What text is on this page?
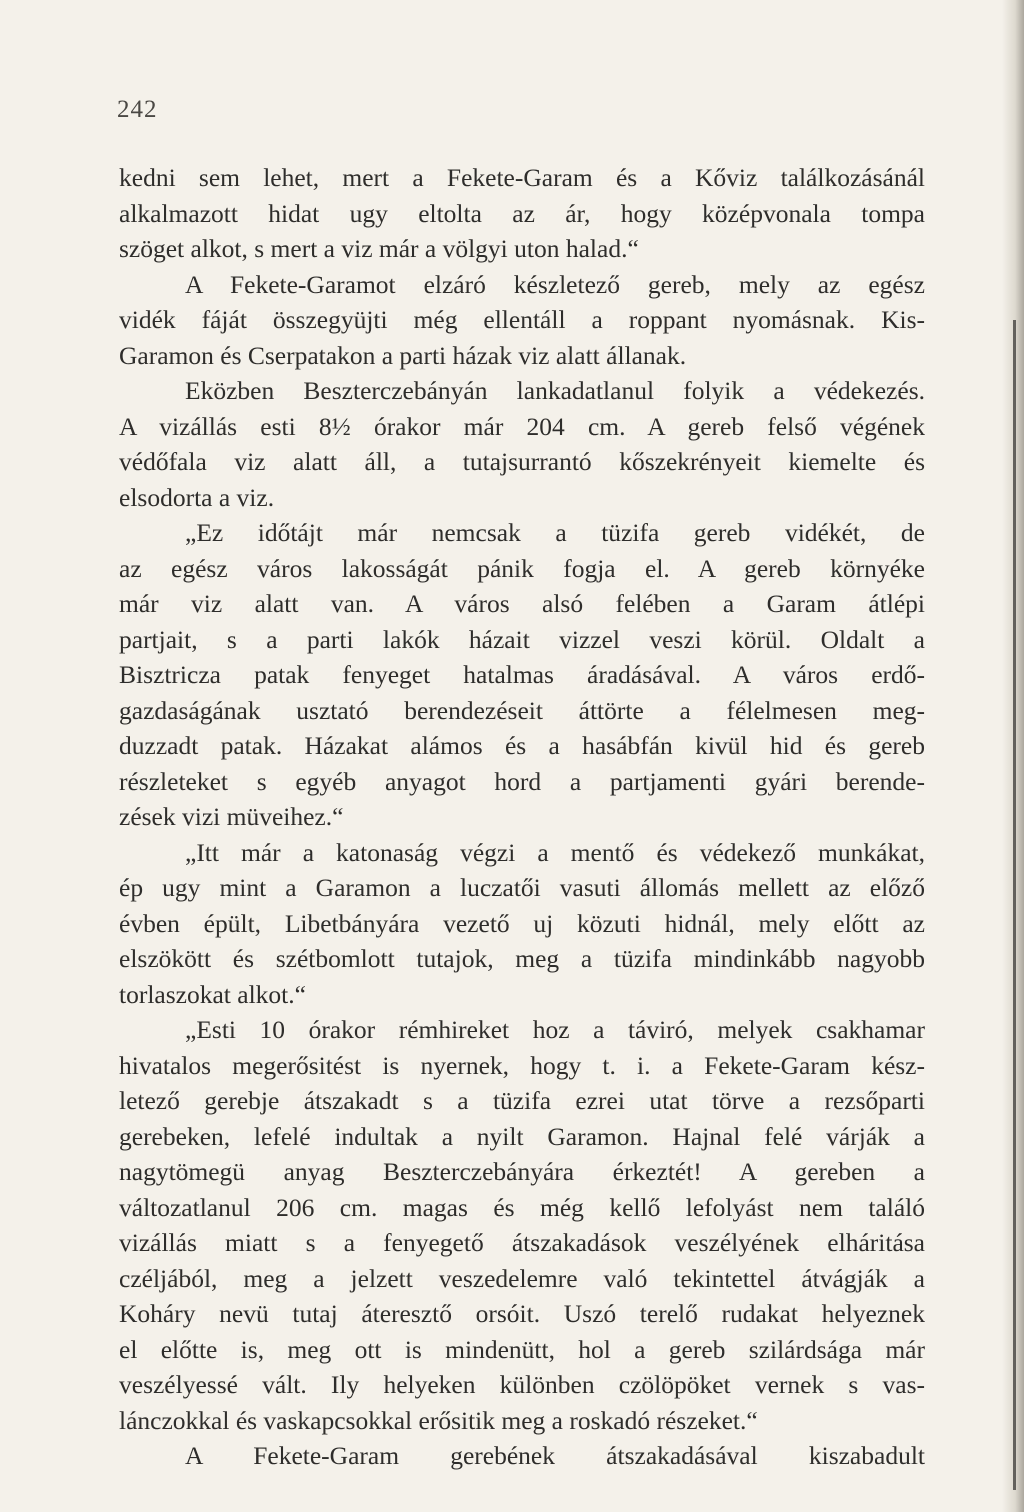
242
kedni sem lehet, mert a Fekete-Garam és a Kőviz találkozásánál
alkalmazott hidat ugy eltolta az ár, hogy középvonala tompa
szöget alkot, s mert a viz már a völgyi uton halad.“
A Fekete-Garamot elzáró készletező gereb, mely az egész
vidék fáját összegyüjti még ellentáll a roppant nyomásnak. Kis-
Garamon és Cserpatakon a parti házak viz alatt állanak.
Eközben Beszterczebányán lankadatlanul folyik a védekezés.
A vizállás esti 8½ órakor már 204 cm. A gereb felső végének
védőfala viz alatt áll, a tutajsurrantó kőszekrényeit kiemelte és
elsodorta a viz.
„Ez időtájt már nemcsak a tüzifa gereb vidékét, de
az egész város lakosságát pánik fogja el. A gereb környéke
már viz alatt van. A város alsó felében a Garam átlépi
partjait, s a parti lakók házait vizzel veszi körül. Oldalt a
Bisztricza patak fenyeget hatalmas áradásával. A város erdő-
gazdaságának usztató berendezéseit áttörte a félelmesen meg-
duzzadt patak. Házakat alámos és a hasábfán kivül hid és gereb
részleteket s egyéb anyagot hord a partjamenti gyári berende-
zések vizi müveihez.“
„Itt már a katonaság végzi a mentő és védekező munkákat,
ép ugy mint a Garamon a luczatői vasuti állomás mellett az előző
évben épült, Libetbányára vezető uj közuti hidnál, mely előtt az
elszökött és szétbomlott tutajok, meg a tüzifa mindinkább nagyobb
torlaszokat alkot.“
„Esti 10 órakor rémhireket hoz a táviró, melyek csakhamar
hivatalos megerősitést is nyernek, hogy t. i. a Fekete-Garam kész-
letező gerebje átszakadt s a tüzifa ezrei utat törve a rezsőparti
gerebeken, lefelé indultak a nyilt Garamon. Hajnal felé várják a
nagytömegü anyag Beszterczebányára érkeztét! A gereben a
változatlanul 206 cm. magas és még kellő lefolyást nem találó
vizállás miatt s a fenyegető átszakadások veszélyének elháritása
czéljából, meg a jelzett veszedelemre való tekintettel átvágják a
Koháry nevü tutaj áteresztő orsóit. Uszó terelő rudakat helyeznek
el előtte is, meg ott is mindenütt, hol a gereb szilárdsága már
veszélyessé vált. Ily helyeken különben czölöpöket vernek s vas-
lánczokkal és vaskapcsokkal erősitik meg a roskadó részeket.“
A Fekete-Garam gerebének átszakadásával kiszabadult
